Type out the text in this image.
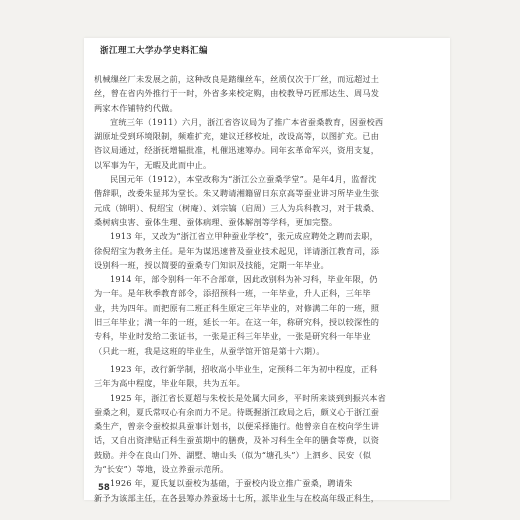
浙江理工大学办学史料汇编
机械缫丝厂未发展之前，这种改良是踏缫丝车，丝质仅次于厂丝，而远超过土
丝，曾在省内外推行于一时，外省多来校定购，由校教导巧匠邢达生、周马发
两家木作铺特约代做。
宣统三年（1911）六月，浙江省咨议局为了推广本省蚕桑教育，因蚕校西
湖原址受到环境限制，频难扩充，建议迁移校址，改设高等，以图扩充。已由
咨议局通过，经浙抚增韫批准，札催迅速筹办。同年玄革命军兴，资用支复，
以军事为午，无暇及此而中止。
民国元年（1912），本堂改称为“浙江公立蚕桑学堂”。是年4月，监督沈
偕辞职，改委朱显邦为堂长。朱又聘请湘籍留日东京高等蚕业讲习所毕业生张
元成（锦明）、倪绍宝（树庵）、刘宗镐（启周）三人为兵科教习，对于栽桑、
桑树病虫害、蚕体生理、蚕体病理、蚕体解剖等学科，更加完整。
1913 年，又改为“浙江省立甲种蚕业学校”，张元成应聘处之聘而去职，
徐倪绍宝为教务主任。是年为谋迅速普及蚕业技术起见，详请浙江教育司，添
设别科一班，授以简要的蚕桑专门知识及技能，定期一年毕业。
1914 年，部令别科一年不合部章，因此改别科为补习科，毕业年限，仍
为一年。是年秋季教育部令，添招预科一班，一年毕业，升人正科，三年毕
业，共为四年。而把原有二班正科生原定三年毕业的，对修满二年的一班，照
旧三年毕业；满一年的一班，延长一年。在这一年，称研究科，授以较深性的
专科，毕业时发给二张证书，一张是正科三年毕业，一张是研究科一年毕业
（只此一班，我是这班的毕业生，从蚕学馆开馆是第十六期）。
1923 年，改行新学制，招收高小毕业生，定预科二年为初中程度，正科
三年为高中程度，毕业年限，共为五年。
1925 年，浙江省长夏超与朱校长是处属大同乡，平时所来谈到到振兴本省
蚕桑之利，夏氏常叹心有余而力不足。待既握浙江政局之后，颇义心于浙江蚕
桑生产，曾亲令蚕校拟具蚕事计划书，以便采择施行。他曾亲自在校向学生讲
话，又自出资津贴正科生蚕茧期中的膳费，及补习科生全年的膳食等费，以资
鼓励。并令在良山门外、湖墅、塘山头（似为“塘孔头”）上泗乡、民安（似
为“长安”）等地，设立养蚕示范所。
1926 年，夏氏复以蚕校为基础，于蚕校内设立推广蚕桑，聘请朱
新予为该部主任，在各县筹办养蚕场十七所，派毕业生与在校高年级正科生，
58
